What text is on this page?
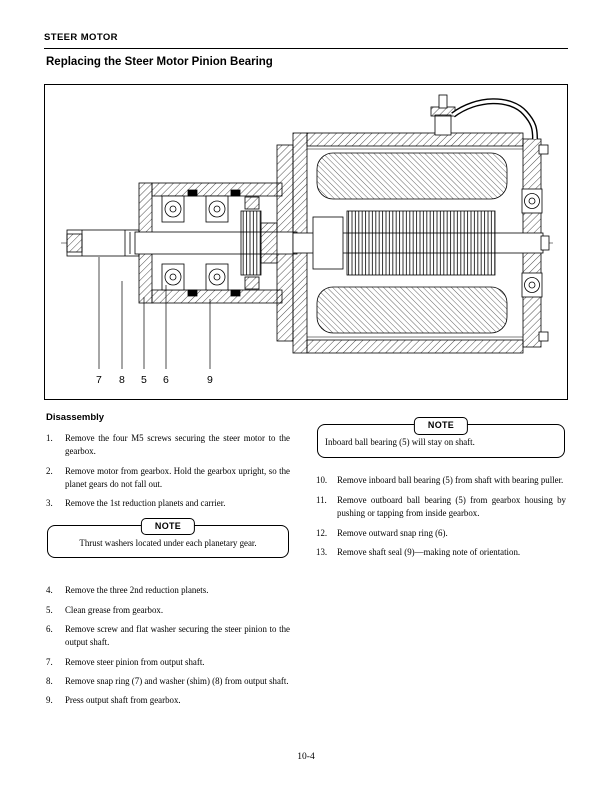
STEER MOTOR
Replacing the Steer Motor Pinion Bearing
7 8 5 6	9
Disassembly
1.	Remove the four M5 screws securing the steer motor to the gearbox.
2.	Remove motor from gearbox. Hold the gearbox upright, so the planet gears do not fall out.
3.	Remove the 1st reduction planets and carrier.
NOTE
Thrust washers located under each planetary gear.
4.	Remove the three 2nd reduction planets.
5.	Clean grease from gearbox.
6.	Remove screw and flat washer securing the steer pinion to the output shaft.
7.	Remove steer pinion from output shaft.
8.	Remove snap ring (7) and washer (shim) (8) from output shaft.
9.	Press output shaft from gearbox.
NOTE
Inboard ball bearing (5) will stay on shaft.
10.	Remove inboard ball bearing (5) from shaft with bearing puller.
11.	Remove outboard ball bearing (5) from gearbox housing by pushing or tapping from inside gearbox.
12.	Remove outward snap ring (6).
13.	Remove shaft seal (9)—making note of orientation.
10-4
